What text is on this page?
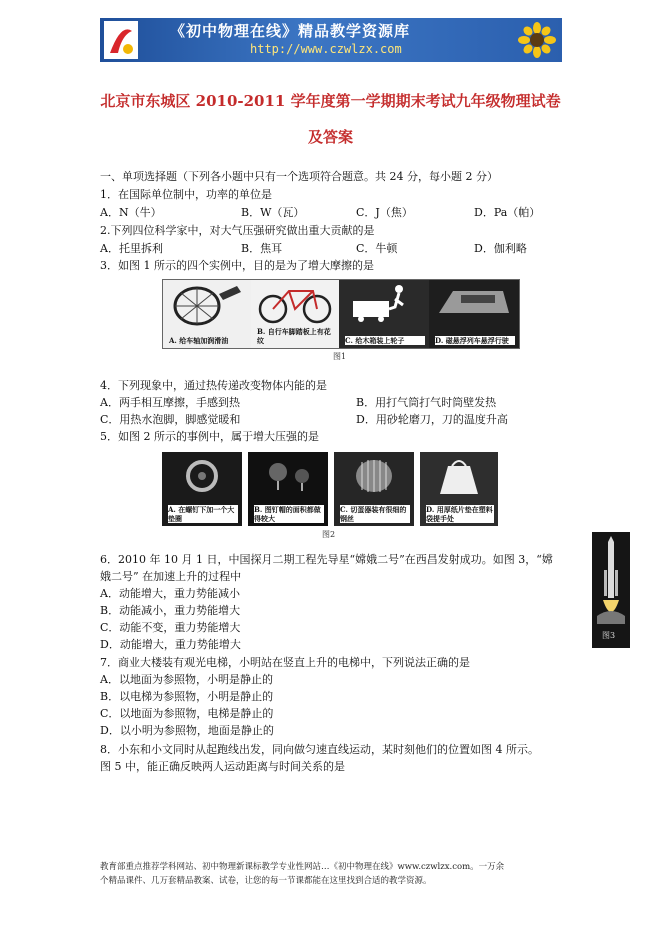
《初中物理在线》精品教学资源库
http://www.czwlzx.com
北京市东城区 2010-2011 学年度第一学期期末考试九年级物理试卷
及答案
一、单项选择题（下列各小题中只有一个选项符合题意。共 24 分，每小题 2 分）
1．在国际单位制中，功率的单位是
A．N（牛）	B．W（瓦）	C．J（焦）	D．Pa（帕）
2.下列四位科学家中，对大气压强研究做出重大贡献的是
A．托里拆利	B．焦耳	C．牛顿	D．伽利略
3．如图 1 所示的四个实例中，目的是为了增大摩擦的是
A. 给车轴加润滑油
B. 自行车脚踏板上有花纹	C. 给木箱装上轮子	D. 磁悬浮列车悬浮行驶
图1
4．下列现象中，通过热传递改变物体内能的是
A．两手相互摩擦，手感到热	B．用打气筒打气时筒壁发热
C．用热水泡脚，脚感觉暖和	D．用砂轮磨刀，刀的温度升高
5．如图 2 所示的事例中，属于增大压强的是
A. 在螺钉下加一个大垫圈
B. 图钉帽的面积都做得较大
C. 切蛋器装有很细的钢丝
D. 用厚纸片垫在塑料袋提手处
图2
6．2010 年 10 月 1 日，中国探月二期工程先导星“嫦娥二号”在西昌发射成功。如图 3，“嫦
娥二号” 在加速上升的过程中
A．动能增大，重力势能减小
B．动能减小，重力势能增大
C．动能不变，重力势能增大
D．动能增大，重力势能增大
图3
7．商业大楼装有观光电梯，小明站在竖直上升的电梯中，下列说法正确的是
A．以地面为参照物，小明是静止的
B．以电梯为参照物，小明是静止的
C．以地面为参照物，电梯是静止的
D．以小明为参照物，地面是静止的
8．小东和小文同时从起跑线出发，同向做匀速直线运动，某时刻他们的位置如图 4 所示。
图 5 中，能正确反映两人运动距离与时间关系的是
教育部重点推荐学科网站、初中物理新课标教学专业性网站…《初中物理在线》www.czwlzx.com。一万余
个精品课件、几万套精品教案、试卷，让您的每一节课都能在这里找到合适的教学资源。
